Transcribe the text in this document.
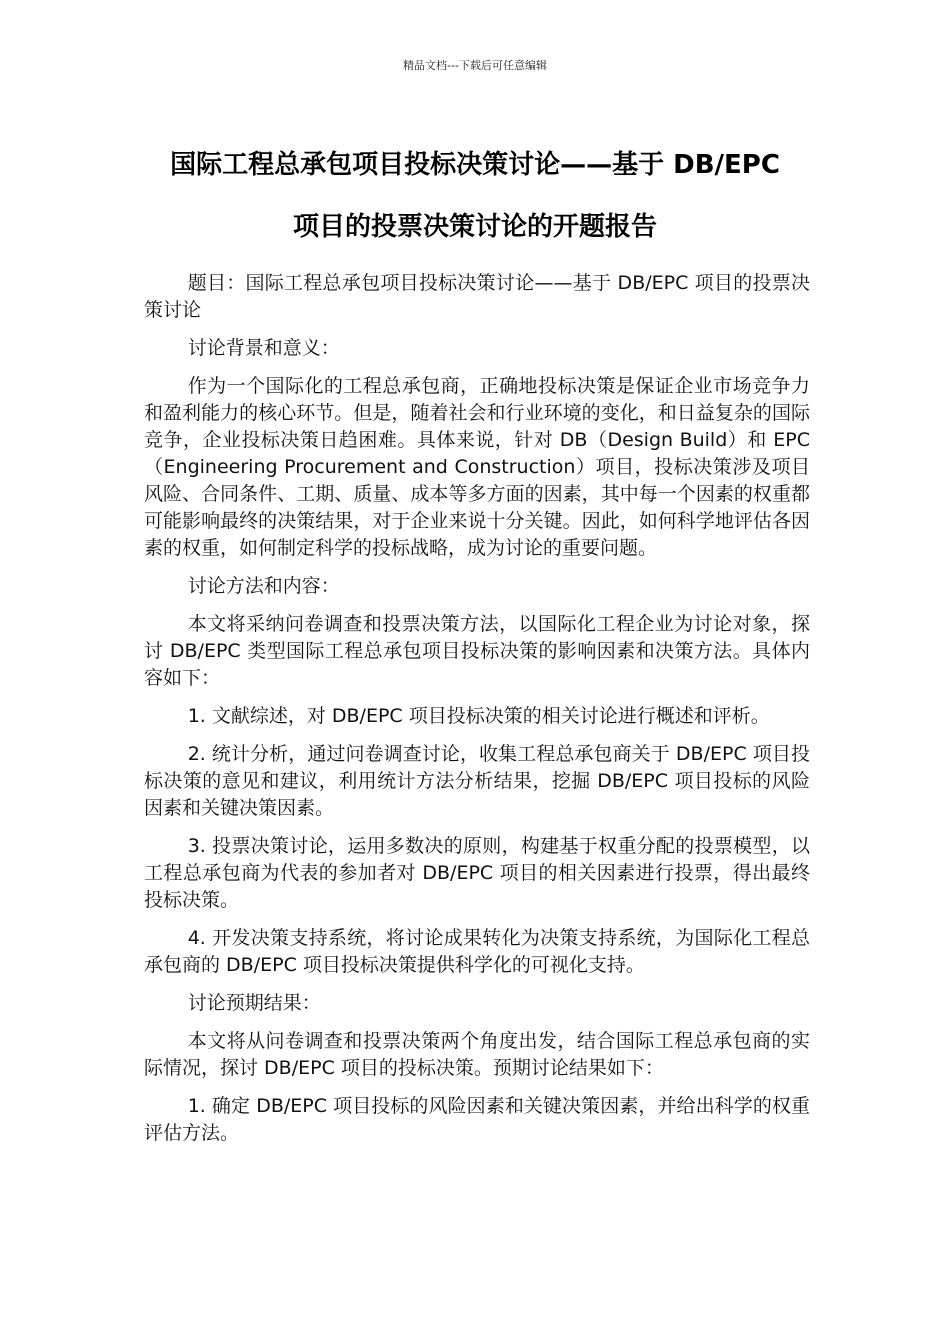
精品文档---下载后可任意编辑
国际工程总承包项目投标决策讨论——基于 DB/EPC
项目的投票决策讨论的开题报告

题目：国际工程总承包项目投标决策讨论——基于 DB/EPC 项目的投票决策讨论

讨论背景和意义：

作为一个国际化的工程总承包商，正确地投标决策是保证企业市场竞争力和盈利能力的核心环节。但是，随着社会和行业环境的变化，和日益复杂的国际竞争，企业投标决策日趋困难。具体来说，针对 DB（Design Build）和 EPC（Engineering Procurement and Construction）项目，投标决策涉及项目风险、合同条件、工期、质量、成本等多方面的因素，其中每一个因素的权重都可能影响最终的决策结果，对于企业来说十分关键。因此，如何科学地评估各因素的权重，如何制定科学的投标战略，成为讨论的重要问题。

讨论方法和内容：

本文将采纳问卷调查和投票决策方法，以国际化工程企业为讨论对象，探讨 DB/EPC 类型国际工程总承包项目投标决策的影响因素和决策方法。具体内容如下：

1. 文献综述，对 DB/EPC 项目投标决策的相关讨论进行概述和评析。

2. 统计分析，通过问卷调查讨论，收集工程总承包商关于 DB/EPC 项目投标决策的意见和建议，利用统计方法分析结果，挖掘 DB/EPC 项目投标的风险因素和关键决策因素。

3. 投票决策讨论，运用多数决的原则，构建基于权重分配的投票模型，以工程总承包商为代表的参加者对 DB/EPC 项目的相关因素进行投票，得出最终投标决策。

4. 开发决策支持系统，将讨论成果转化为决策支持系统，为国际化工程总承包商的 DB/EPC 项目投标决策提供科学化的可视化支持。

讨论预期结果：

本文将从问卷调查和投票决策两个角度出发，结合国际工程总承包商的实际情况，探讨 DB/EPC 项目的投标决策。预期讨论结果如下：

1. 确定 DB/EPC 项目投标的风险因素和关键决策因素，并给出科学的权重评估方法。
